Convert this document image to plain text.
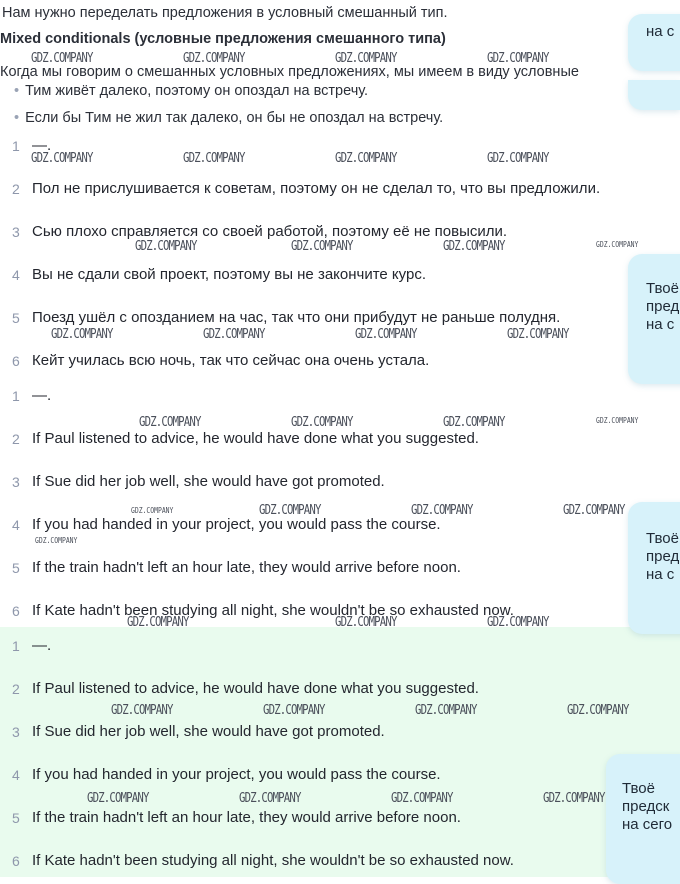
Нам нужно переделать предложения в условный смешанный тип.
Mixed conditionals (условные предложения смешанного типа)
Когда мы говорим о смешанных условных предложениях, мы имеем в виду условные
• Тим живёт далеко, поэтому он опоздал на встречу.
• Если бы Тим не жил так далеко, он бы не опоздал на встречу.
1 —.
2 Пол не прислушивается к советам, поэтому он не сделал то, что вы предложили.
3 Сью плохо справляется со своей работой, поэтому её не повысили.
4 Вы не сдали свой проект, поэтому вы не закончите курс.
5 Поезд ушёл с опозданием на час, так что они прибудут не раньше полудня.
6 Кейт училась всю ночь, так что сейчас она очень устала.
1 —.
2 If Paul listened to advice, he would have done what you suggested.
3 If Sue did her job well, she would have got promoted.
4 If you had handed in your project, you would pass the course.
5 If the train hadn't left an hour late, they would arrive before noon.
6 If Kate hadn't been studying all night, she wouldn't be so exhausted now.
1 —.
2 If Paul listened to advice, he would have done what you suggested.
3 If Sue did her job well, she would have got promoted.
4 If you had handed in your project, you would pass the course.
5 If the train hadn't left an hour late, they would arrive before noon.
6 If Kate hadn't been studying all night, she wouldn't be so exhausted now.
GDZ.COMPANY	GDZ.COMPANY	GDZ.COMPANY	GDZ.COMPANY
GDZ.COMPANY	GDZ.COMPANY	GDZ.COMPANY	GDZ.COMPANY
GDZ.COMPANY	GDZ.COMPANY	GDZ.COMPANY	GDZ.COMPANY
GDZ.COMPANY	GDZ.COMPANY	GDZ.COMPANY	GDZ.COMPANY
GDZ.COMPANY	GDZ.COMPANY	GDZ.COMPANY	GDZ.COMPANY
GDZ.COMPANY	GDZ.COMPANY	GDZ.COMPANY	GDZ.COMPANY
GDZ.COMPANY
GDZ.COMPANY	GDZ.COMPANY	GDZ.COMPANY
GDZ.COMPANY	GDZ.COMPANY	GDZ.COMPANY	GDZ.COMPANY
GDZ.COMPANY	GDZ.COMPANY	GDZ.COMPANY	GDZ.COMPANY
на с
Твоё
пред
на с
Твоё
пред
на с
Твоё
предск
на сего
